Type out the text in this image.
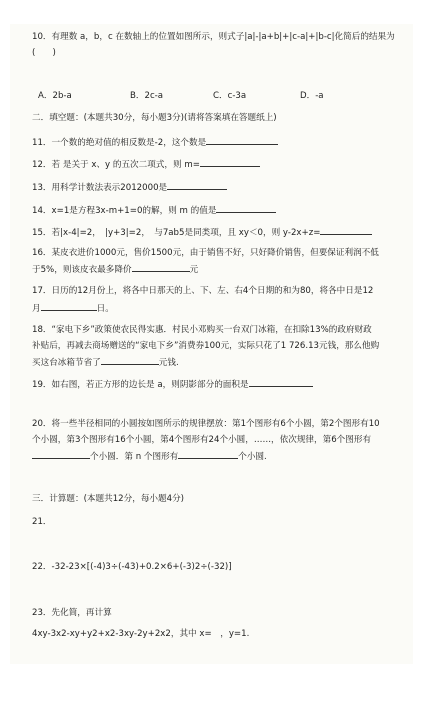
10．有理数 a，b，c 在数轴上的位置如图所示，则式子|a|-|a+b|+|c-a|+|b-c|化简后的结果为
(　　)
A．2b-a	B．2c-a	C．c-3a	D．-a
二．填空题：(本题共30分，每小题3分)(请将答案填在答题纸上)
11．一个数的绝对值的相反数是-2，这个数是
12．若 是关于 x、y 的五次二项式，则 m=
13．用科学计数法表示2012000是
14．x=1是方程3x-m+1=0的解，则 m 的值是
15．若|x-4|=2，　|y+3|=2，　与7ab5是同类项，且 xy＜0，则 y-2x+z=
16．某皮衣进价1000元，售价1500元，由于销售不好，只好降价销售，但要保证利润不低
于5%，则该皮衣最多降价	元
17．日历的12月份上，将各中日那天的上、下、左、右4个日期的和为80，将各中日是12
月	日。
18．“家电下乡”政策使农民得实惠．村民小邓购买一台双门冰箱，在扣除13%的政府财政
补贴后，再减去商场赠送的“家电下乡”消费券100元，实际只花了1 726.13元钱，那么他购
买这台冰箱节省了	元钱.
19．如右图，若正方形的边长是 a，则阴影部分的面积是
20．将一些半径相同的小圆按如图所示的规律摆放：第1个图形有6个小圆，第2个图形有10
个小圆，第3个图形有16个小圆，第4个图形有24个小圆，……，依次规律，第6个图形有
个小圆．第 n 个图形有	个小圆.
三．计算题：(本题共12分，每小题4分)
21．
22．-32-23×[(-4)3÷(-43)+0.2×6+(-3)2÷(-32)]
23．先化简，再计算
4xy-3x2-xy+y2+x2-3xy-2y+2x2，其中 x=　，y=1.
